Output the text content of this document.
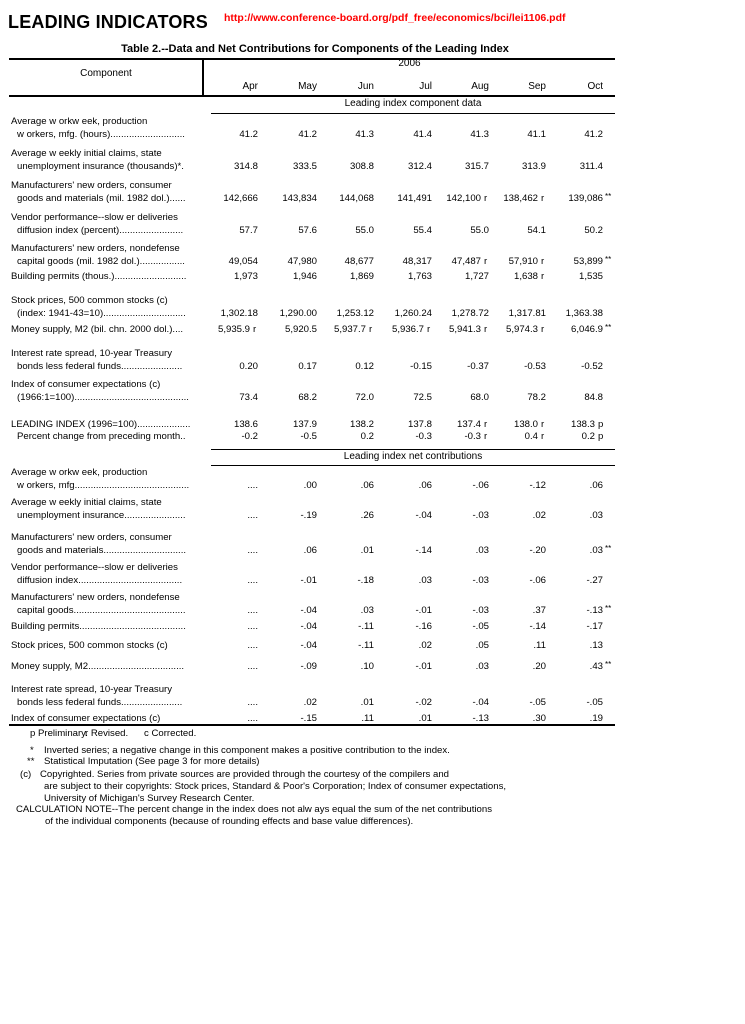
LEADING INDICATORS http://www.conference-board.org/pdf_free/economics/bci/lei1106.pdf
Table 2.--Data and Net Contributions for Components of the Leading Index
Component
2006
Apr	May	Jun	Jul	Aug	Sep	Oct
Leading index component data
Leading index net contributions
Average w orkw eek, production
w orkers, mfg. (hours)............................	41.2	41.2	41.3	41.4	41.3	41.1	41.2
Average w eekly initial claims, state
unemployment insurance (thousands)*.	314.8	333.5	308.8	312.4	315.7	313.9	311.4
Manufacturers' new orders, consumer
goods and materials (mil. 1982 dol.)......	142,666	143,834	144,068	141,491	142,100 r	138,462 r	139,086 **
Vendor performance--slow er deliveries
diffusion index (percent)........................	57.7	57.6	55.0	55.4	55.0	54.1	50.2
Manufacturers' new orders, nondefense
capital goods (mil. 1982 dol.).................	49,054	47,980	48,677	48,317	47,487 r	57,910 r	53,899 **
Building permits (thous.)...........................	1,973	1,946	1,869	1,763	1,727	1,638 r	1,535
Stock prices, 500 common stocks (c)
(index: 1941-43=10)...............................	1,302.18	1,290.00	1,253.12	1,260.24	1,278.72	1,317.81	1,363.38
Money supply, M2 (bil. chn. 2000 dol.)....	5,935.9 r	5,920.5	5,937.7 r	5,936.7 r	5,941.3 r	5,974.3 r	6,046.9 **
Interest rate spread, 10-year Treasury
bonds less federal funds.......................	0.20	0.17	0.12	-0.15	-0.37	-0.53	-0.52
Index of consumer expectations (c)
(1966:1=100)...........................................	73.4	68.2	72.0	72.5	68.0	78.2	84.8
LEADING INDEX (1996=100)....................	138.6	137.9	138.2	137.8	137.4 r	138.0 r	138.3 p
Percent change from preceding month..	-0.2	-0.5	0.2	-0.3	-0.3 r	0.4 r	0.2 p
Average w orkw eek, production
w orkers, mfg...........................................	....	.00	.06	.06	-.06	-.12	.06
Average w eekly initial claims, state
unemployment insurance.......................	....	-.19	.26	-.04	-.03	.02	.03
Manufacturers' new orders, consumer
goods and materials...............................	....	.06	.01	-.14	.03	-.20	.03 **
Vendor performance--slow er deliveries
diffusion index.......................................	....	-.01	-.18	.03	-.03	-.06	-.27
Manufacturers' new orders, nondefense
capital goods..........................................	....	-.04	.03	-.01	-.03	.37	-.13 **
Building permits........................................	....	-.04	-.11	-.16	-.05	-.14	-.17
Stock prices, 500 common stocks (c)	....	-.04	-.11	.02	.05	.11	.13
Money supply, M2....................................	....	-.09	.10	-.01	.03	.20	.43 **
Interest rate spread, 10-year Treasury
bonds less federal funds.......................	....	.02	.01	-.02	-.04	-.05	-.05
Index of consumer expectations (c)	....	-.15	.11	.01	-.13	.30	.19
p Preliminary.
r Revised. c Corrected.
* Inverted series; a negative change in this component makes a positive contribution to the index.
** Statistical Imputation (See page 3 for more details)
(c) Copyrighted. Series from private sources are provided through the courtesy of the compilers and
are subject to their copyrights: Stock prices, Standard & Poor's Corporation; Index of consumer expectations,
University of Michigan's Survey Research Center.
CALCULATION NOTE--The percent change in the index does not alw ays equal the sum of the net contributions
of the individual components (because of rounding effects and base value differences).
